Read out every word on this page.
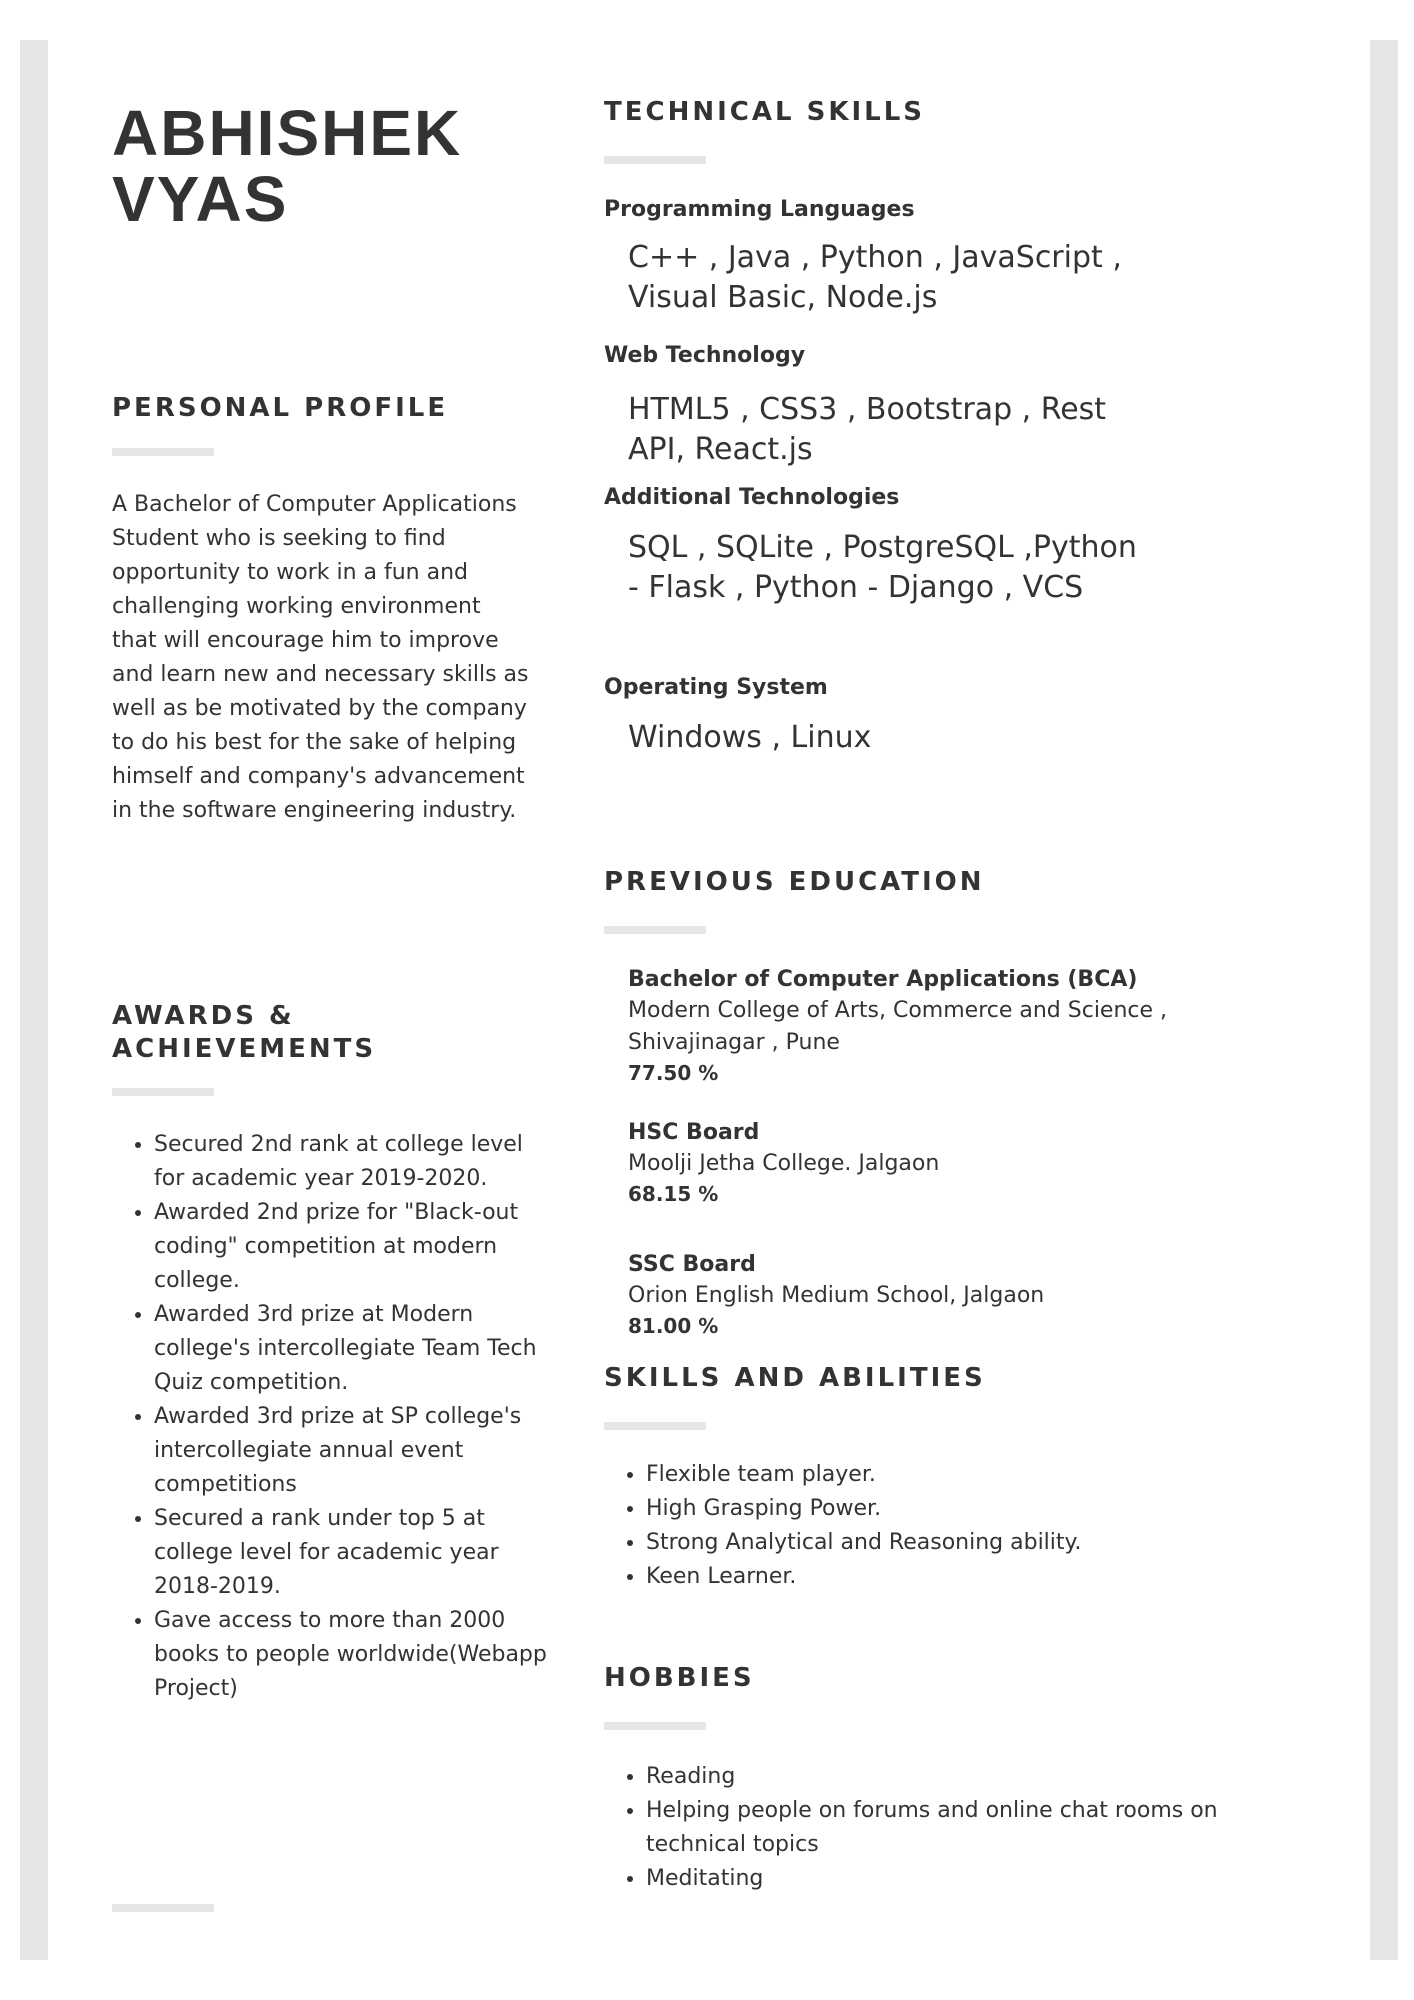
ABHISHEK
VYAS
PERSONAL PROFILE

A Bachelor of Computer Applications Student who is seeking to find opportunity to work in a fun and challenging working environment that will encourage him to improve and learn new and necessary skills as well as be motivated by the company to do his best for the sake of helping himself and company's advancement in the software engineering industry.

AWARDS & ACHIEVEMENTS
• Secured 2nd rank at college level for academic year 2019-2020.
• Awarded 2nd prize for "Black-out coding" competition at modern college.
• Awarded 3rd prize at Modern college's intercollegiate Team Tech Quiz competition.
• Awarded 3rd prize at SP college's intercollegiate annual event competitions
• Secured a rank under top 5 at college level for academic year 2018-2019.
• Gave access to more than 2000 books to people worldwide(Webapp Project)
TECHNICAL SKILLS
Programming Languages

C++ , Java , Python , JavaScript , Visual Basic, Node.js

Web Technology

HTML5 , CSS3 , Bootstrap , Rest API, React.js

Additional Technologies

SQL , SQLite , PostgreSQL ,Python - Flask , Python - Django , VCS

Operating System

Windows , Linux

PREVIOUS EDUCATION

Bachelor of Computer Applications (BCA)

Modern College of Arts, Commerce and Science , Shivajinagar , Pune

77.50 %

HSC Board

Moolji Jetha College. Jalgaon

68.15 %

SSC Board

Orion English Medium School, Jalgaon

81.00 %

SKILLS AND ABILITIES
• Flexible team player.
• High Grasping Power.
• Strong Analytical and Reasoning ability.
• Keen Learner.
HOBBIES
• Reading
• Helping people on forums and online chat rooms on technical topics
• Meditating
